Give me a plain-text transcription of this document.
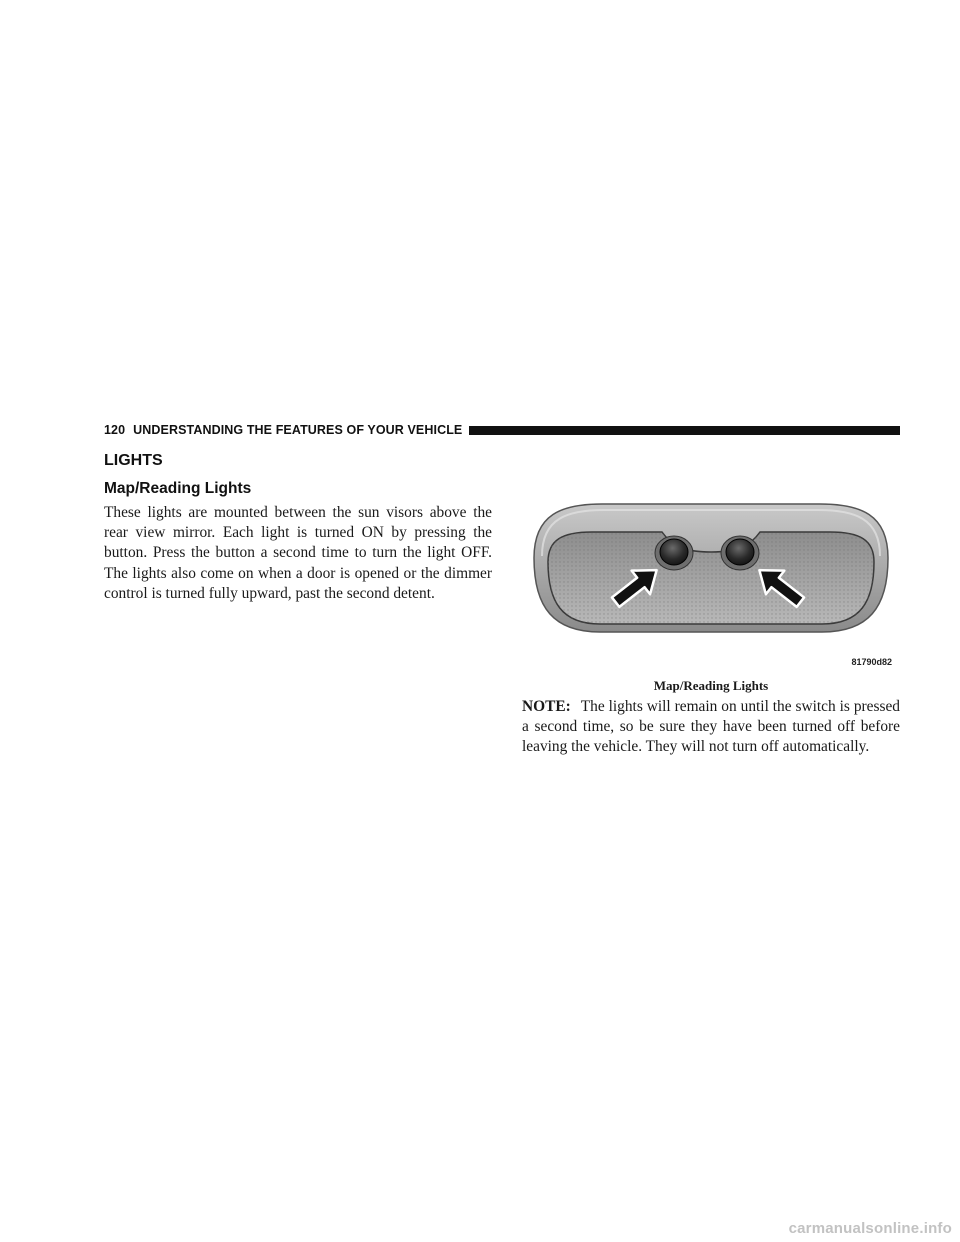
120 UNDERSTANDING THE FEATURES OF YOUR VEHICLE
LIGHTS
Map/Reading Lights

These lights are mounted between the sun visors above the rear view mirror. Each light is turned ON by pressing the button. Press the button a second time to turn the light OFF. The lights also come on when a door is opened or the dimmer control is turned fully upward, past the second detent.

81790d82

Map/Reading Lights

NOTE: The lights will remain on until the switch is pressed a second time, so be sure they have been turned off before leaving the vehicle. They will not turn off automatically.

carmanualsonline.info
